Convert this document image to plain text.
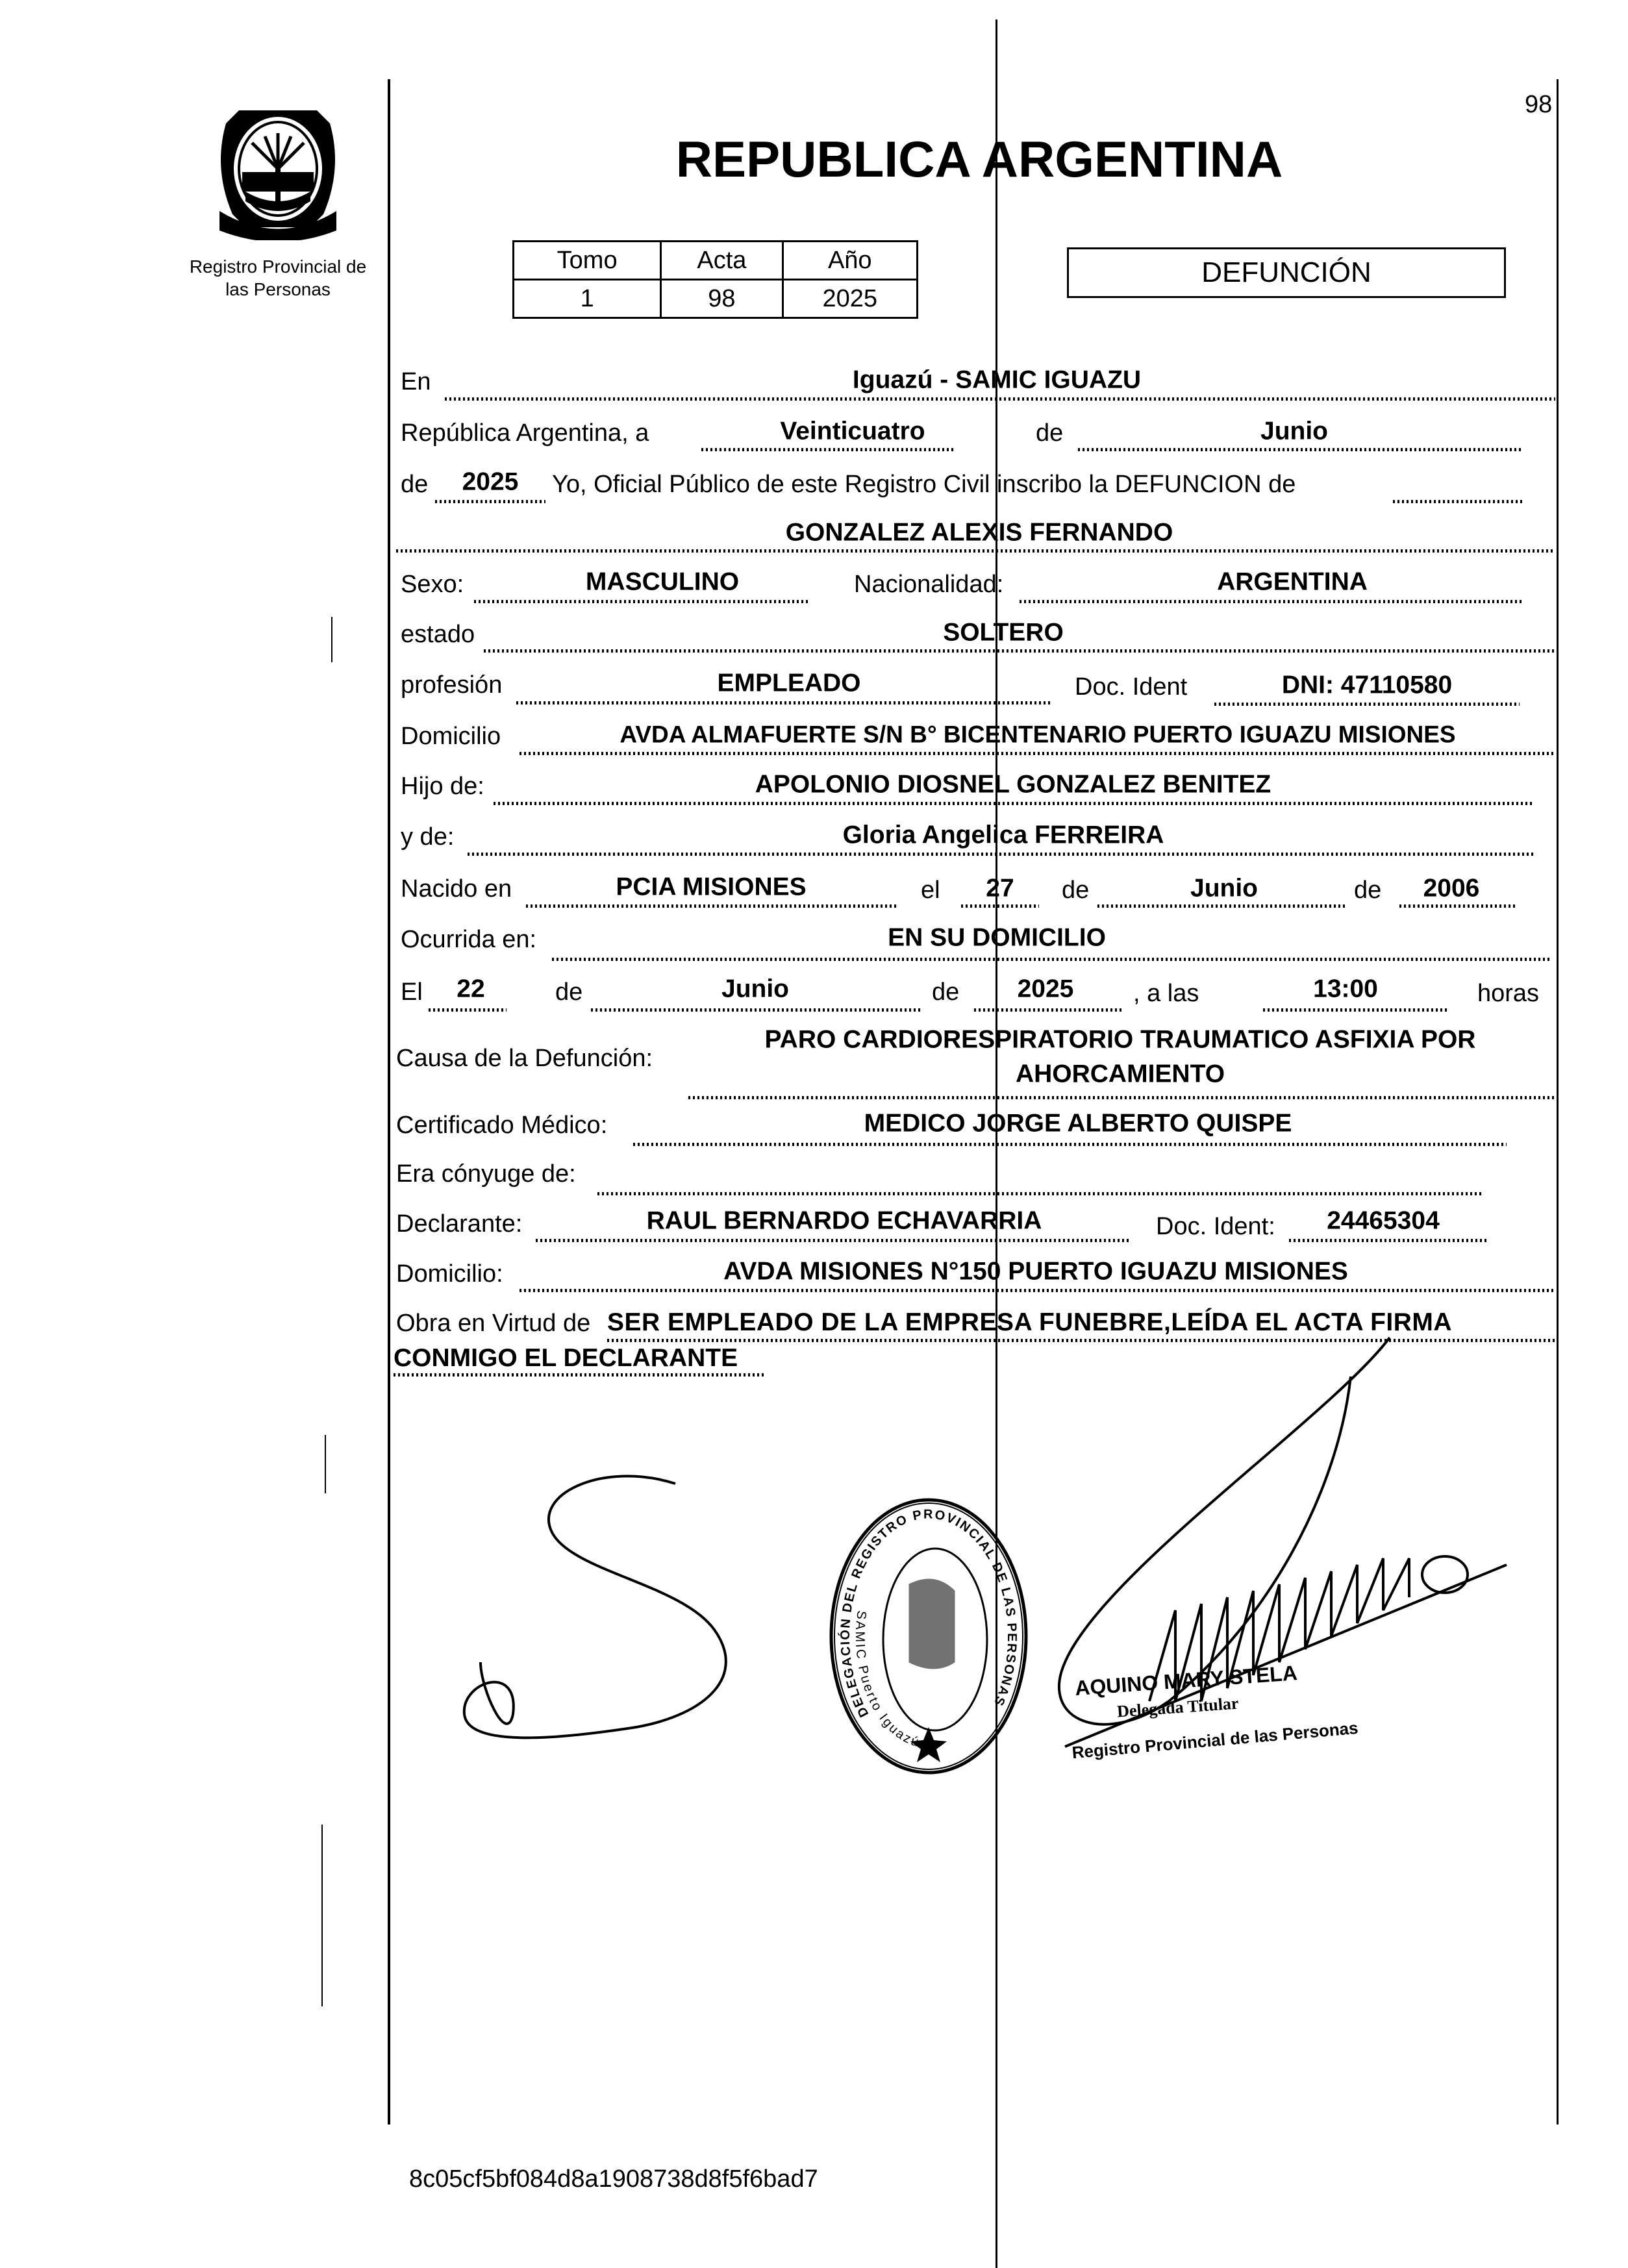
98
REPUBLICA ARGENTINA
Registro Provincial de
las Personas
Tomo	Acta	Año
1	98	2025
DEFUNCIÓN
En	Iguazú - SAMIC IGUAZU
República Argentina, a	Veinticuatro	de	Junio
de 2025 Yo, Oficial Público de este Registro Civil inscribo la DEFUNCION de
GONZALEZ ALEXIS FERNANDO
Sexo:	MASCULINO	Nacionalidad:	ARGENTINA
estado	SOLTERO
profesión	EMPLEADO	Doc. Ident	DNI: 47110580
Domicilio	AVDA ALMAFUERTE S/N B° BICENTENARIO PUERTO IGUAZU MISIONES
Hijo de:	APOLONIO DIOSNEL GONZALEZ BENITEZ
y de:	Gloria Angelica FERREIRA
Nacido en	PCIA MISIONES	el 27 de	Junio	de 2006
Ocurrida en:	EN SU DOMICILIO
El 22	de	Junio	de 2025 , a las	13:00	horas
Causa de la Defunción:
PARO CARDIORESPIRATORIO TRAUMATICO ASFIXIA POR
AHORCAMIENTO
Certificado Médico:	MEDICO JORGE ALBERTO QUISPE
Era cónyuge de:
Declarante:	RAUL BERNARDO ECHAVARRIA	Doc. Ident: 24465304
Domicilio:	AVDA MISIONES N°150 PUERTO IGUAZU MISIONES
Obra en Virtud de SER EMPLEADO DE LA EMPRESA FUNEBRE,LEÍDA EL ACTA FIRMA
CONMIGO EL DECLARANTE
DELEGACIÓN DEL REGISTRO PROVINCIAL DE LAS PERSONAS
SAMIC Puerto Iguazú
AQUINO MARY STELA
Delegada Titular
Registro Provincial de las Personas
8c05cf5bf084d8a1908738d8f5f6bad7
